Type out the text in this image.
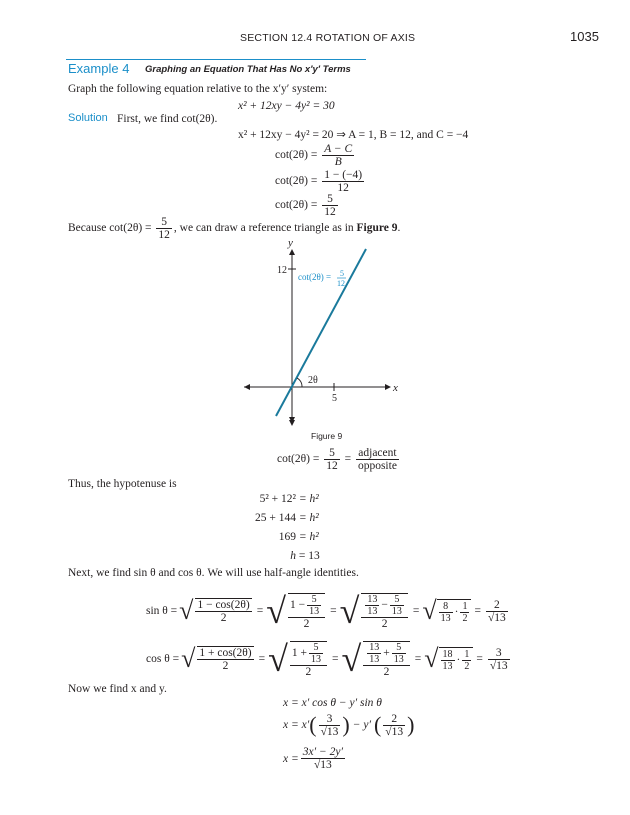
SECTION 12.4 ROTATION OF AXIS	1035
Example 4 Graphing an Equation That Has No x′y′ Terms
Graph the following equation relative to the x′y′ system:
x² + 12xy − 4y² = 30
Solution First, we find cot(2θ).
x² + 12xy − 4y² = 20 ⇒ A = 1, B = 12, and C = −4
$\cot(2\theta) = \frac{A - C}{B}$
$\cot(2\theta) = \frac{1 - (-4)}{12}$
$\cot(2\theta) = \frac{5}{12}$
Because $\cot(2\theta) = \frac{5}{12}$ , we can draw a reference triangle as in Figure 9.
x
y
12
5
2θ
cot(2θ) = 5
12
Figure 9
$\cot(2\theta) = \frac{5}{12} = \frac{\text{adjacent}}{\text{opposite}}$
Thus, the hypotenuse is
5² + 12² = h²
25 + 144 = h²
169 = h²
h = 13
Next, we find sin θ and cos θ. We will use half-angle identities.
sin θ = √ $\frac{1 - \cos(2\theta)}{2}$ = √ $\frac{1 - \frac{5}{13}}{2}$ = √ $\frac{\frac{13}{13} - \frac{5}{13}}{2}$ = √ $\frac{8}{13} \cdot \frac{1}{2} = \frac{2}{√13}$
cos θ = √ $\frac{1 + \cos(2\theta)}{2}$ = √ $\frac{1 + \frac{5}{13}}{2}$ = √ $\frac{\frac{13}{13} + \frac{5}{13}}{2}$ = √ $\frac{18}{13} \cdot \frac{1}{2} = \frac{3}{√13}$
Now we find x and y.
x = x′ cos θ − y′ sin θ
x = x′ ( $\frac{3}{√13}$ ) − y′ ( $\frac{2}{√13}$ )
$x = \frac{3x' - 2y'}{√13}$
